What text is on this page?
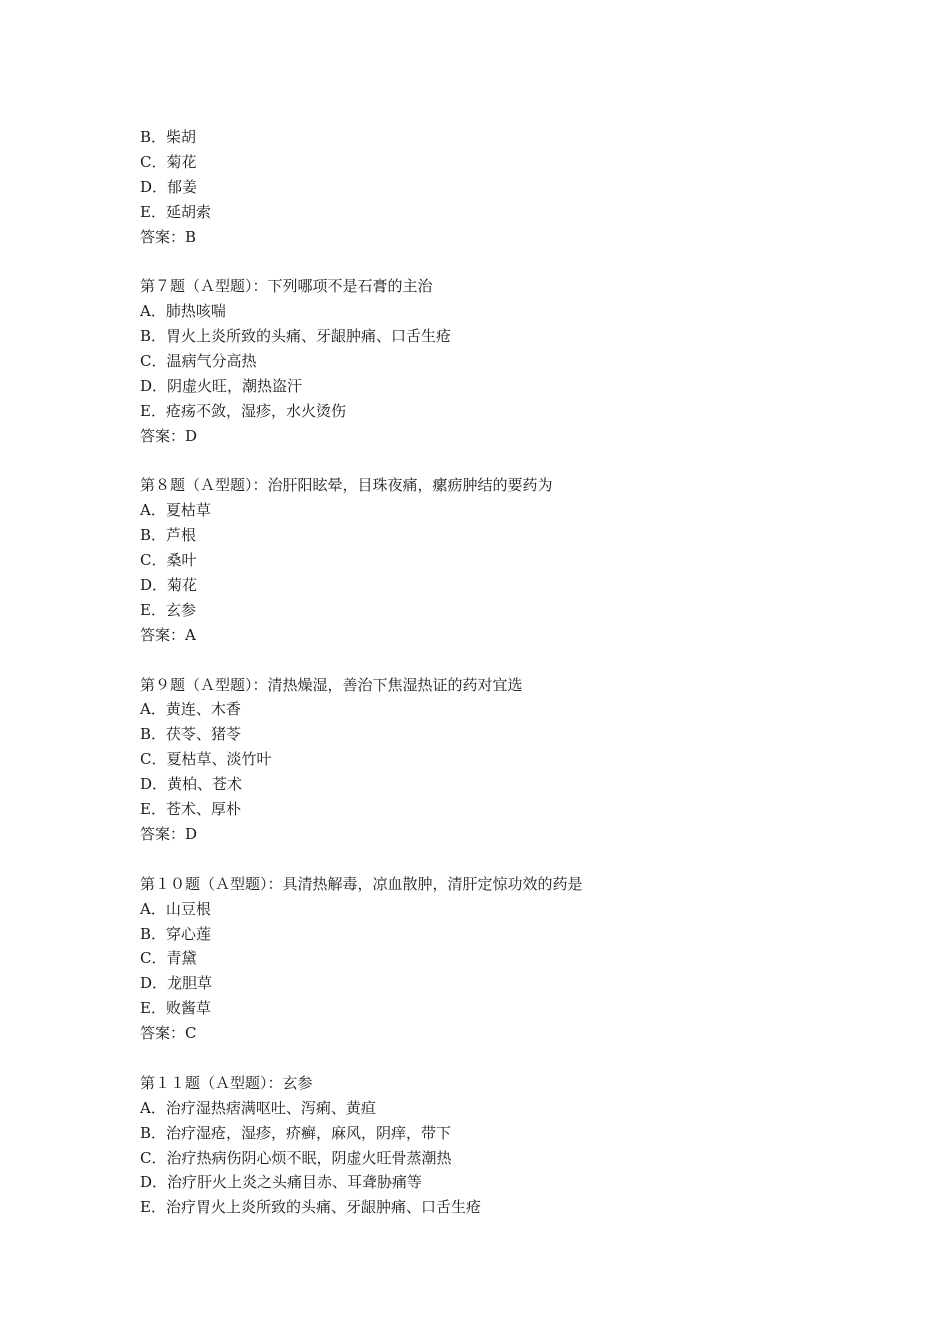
B．柴胡
C．菊花
D．郁姜
E．延胡索
答案：B
第７题（Ａ型题）：下列哪项不是石膏的主治
A．肺热咳喘
B．胃火上炎所致的头痛、牙龈肿痛、口舌生疮
C．温病气分高热
D．阴虚火旺，潮热盗汗
E．疮疡不敛，湿疹，水火烫伤
答案：D
第８题（Ａ型题）：治肝阳眩晕，目珠夜痛，瘰疬肿结的要药为
A．夏枯草
B．芦根
C．桑叶
D．菊花
E．玄参
答案：A
第９题（Ａ型题）：清热燥湿，善治下焦湿热证的药对宜选
A．黄连、木香
B．茯苓、猪苓
C．夏枯草、淡竹叶
D．黄柏、苍术
E．苍术、厚朴
答案：D
第１０题（Ａ型题）：具清热解毒，凉血散肿，清肝定惊功效的药是
A．山豆根
B．穿心莲
C．青黛
D．龙胆草
E．败酱草
答案：C
第１１题（Ａ型题）：玄参
A．治疗湿热痞满呕吐、泻痢、黄疸
B．治疗湿疮，湿疹，疥癣，麻风，阴痒，带下
C．治疗热病伤阴心烦不眠，阴虚火旺骨蒸潮热
D．治疗肝火上炎之头痛目赤、耳聋胁痛等
E．治疗胃火上炎所致的头痛、牙龈肿痛、口舌生疮
